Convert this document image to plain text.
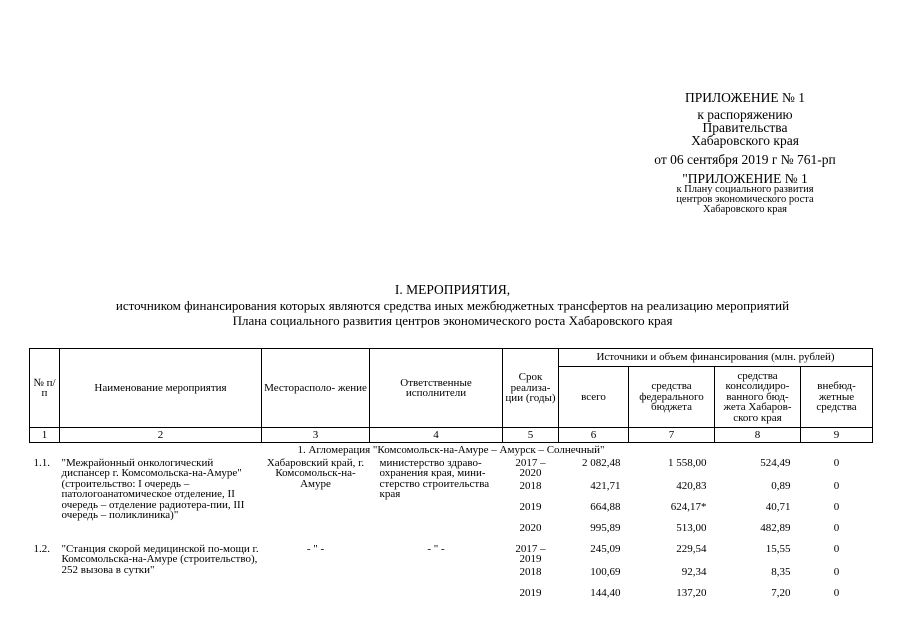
ПРИЛОЖЕНИЕ № 1
к распоряжению
Правительства
Хабаровского края
от 06 сентября 2019 г № 761-рп
"ПРИЛОЖЕНИЕ № 1
к Плану социального развития
центров экономического роста
Хабаровского края
I. МЕРОПРИЯТИЯ,
источником финансирования которых являются средства иных межбюджетных трансфертов на реализацию мероприятий
Плана социального развития центров экономического роста Хабаровского края
№ п/п	Наименование мероприятия	Месторасполо- жение	Ответственные исполнители	Срок реализа- ции (годы)	Источники и объем финансирования (млн. рублей)			
					всего	средства федерального бюджета	средства консолидиро- ванного бюд- жета Хабаров- ского края	внебюд- жетные средства
1	2	3	4	5	6	7	8	9
1. Агломерация "Комсомольск-на-Амуре – Амурск – Солнечный"								
1.1.	"Межрайонный онкологический диспансер г. Комсомольска-на-Амуре" (строительство: I очередь – патологоанатомическое отделение, II очередь – отделение радиотера-пии, III очередь – поликлиника)"	Хабаровский край, г. Комсомольск-на-Амуре	министерство здраво-охранения края, мини-стерство строительства края	2017 – 2020	2 082,48	1 558,00	524,49	0
				2018	421,71	420,83	0,89	0
				2019	664,88	624,17*	40,71	0
				2020	995,89	513,00	482,89	0
1.2.	"Станция скорой медицинской по-мощи г. Комсомольска-на-Амуре (строительство), 252 вызова в сутки"	- " -	- " -	2017 – 2019	245,09	229,54	15,55	0
				2018	100,69	92,34	8,35	0
				2019	144,40	137,20	7,20	0
